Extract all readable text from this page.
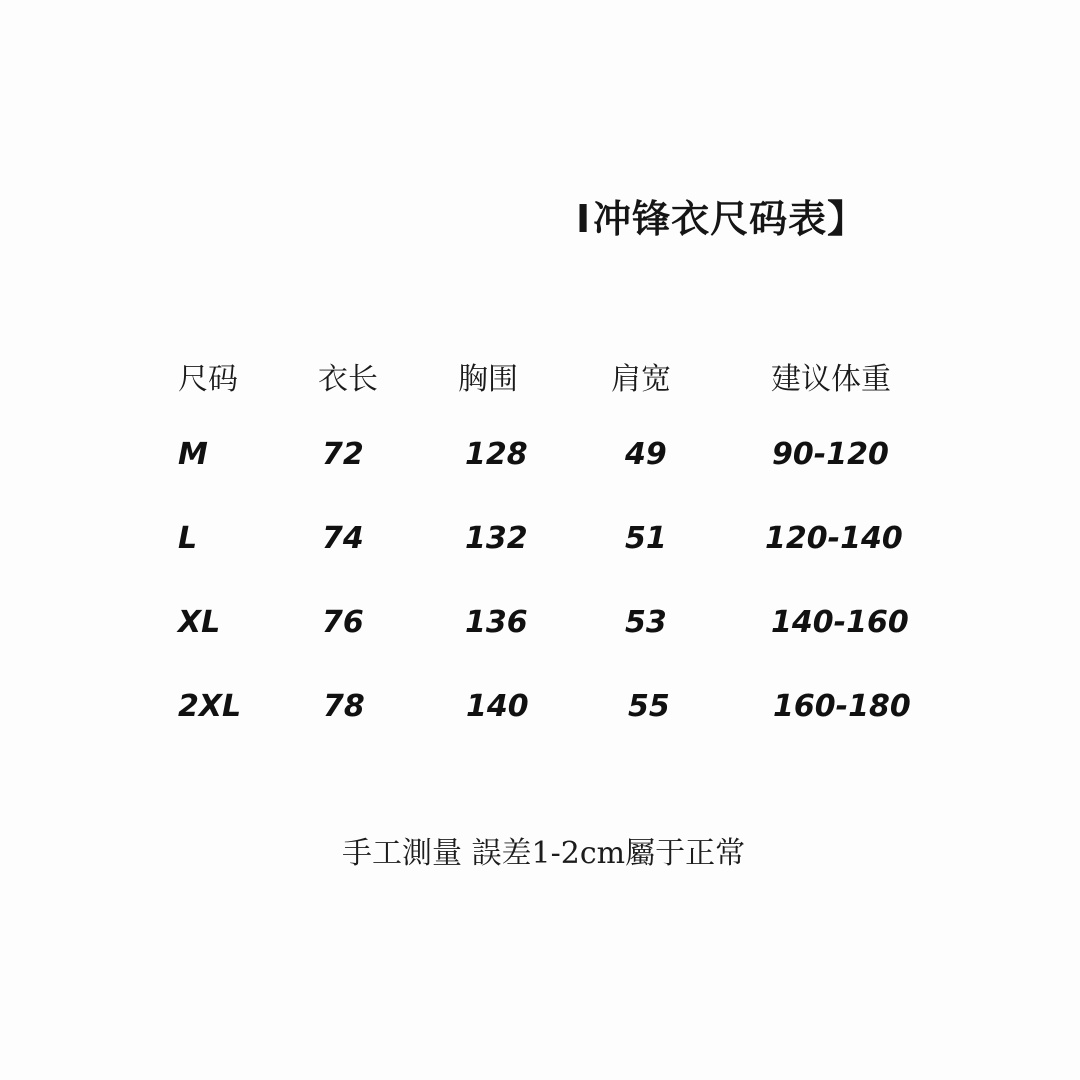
I冲锋衣尺码表】
尺码	衣长	胸围	肩宽	建议体重
M	72	128	49	90-120
L	74	132	51	120-140
XL	76	136	53	140-160
2XL	78	140	55	160-180
手工測量 誤差1-2cm屬于正常
